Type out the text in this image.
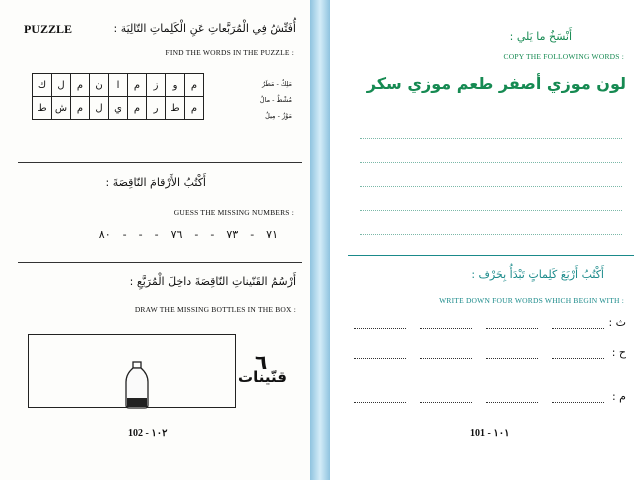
PUZZLE	أُفَتِّشُ فِي الْمُرَبَّعاتِ عَنِ الْكَلِماتِ التّالِيَة :
FIND THE WORDS IN THE PUZZLE :
ك	ل	م	ن	ا	م	ز	و	م
ط	ش	م	ل	ي	م	ر	ط	م
مَلِكٌ - مَطَرٌ
مُشْطٌ - مالٌ
مَوْزٌ - مِيلٌ
أَكْتُبُ الأَرْقامَ النّاقِصَةَ :
GUESS THE MISSING NUMBERS :
٧١-٧٣--٧٦---٨٠
أَرْسُمُ القَنّيناتِ النّاقِصَةَ داخِلَ الْمُرَبَّعِ :
DRAW THE MISSING BOTTLES IN THE BOX :
٦
قنّينات
102 - ١٠٢
أَنْسَخُ ما يَلي :
COPY THE FOLLOWING WORDS :
لون موزي أصفر طعم موزي سكر
أَكْتُبُ أَرْبَعَ كَلِماتٍ تَبْدَأُ بِحَرْف :
WRITE DOWN FOUR WORDS WHICH BEGIN WITH :
ث :
ح :
م :
101 - ١٠١
